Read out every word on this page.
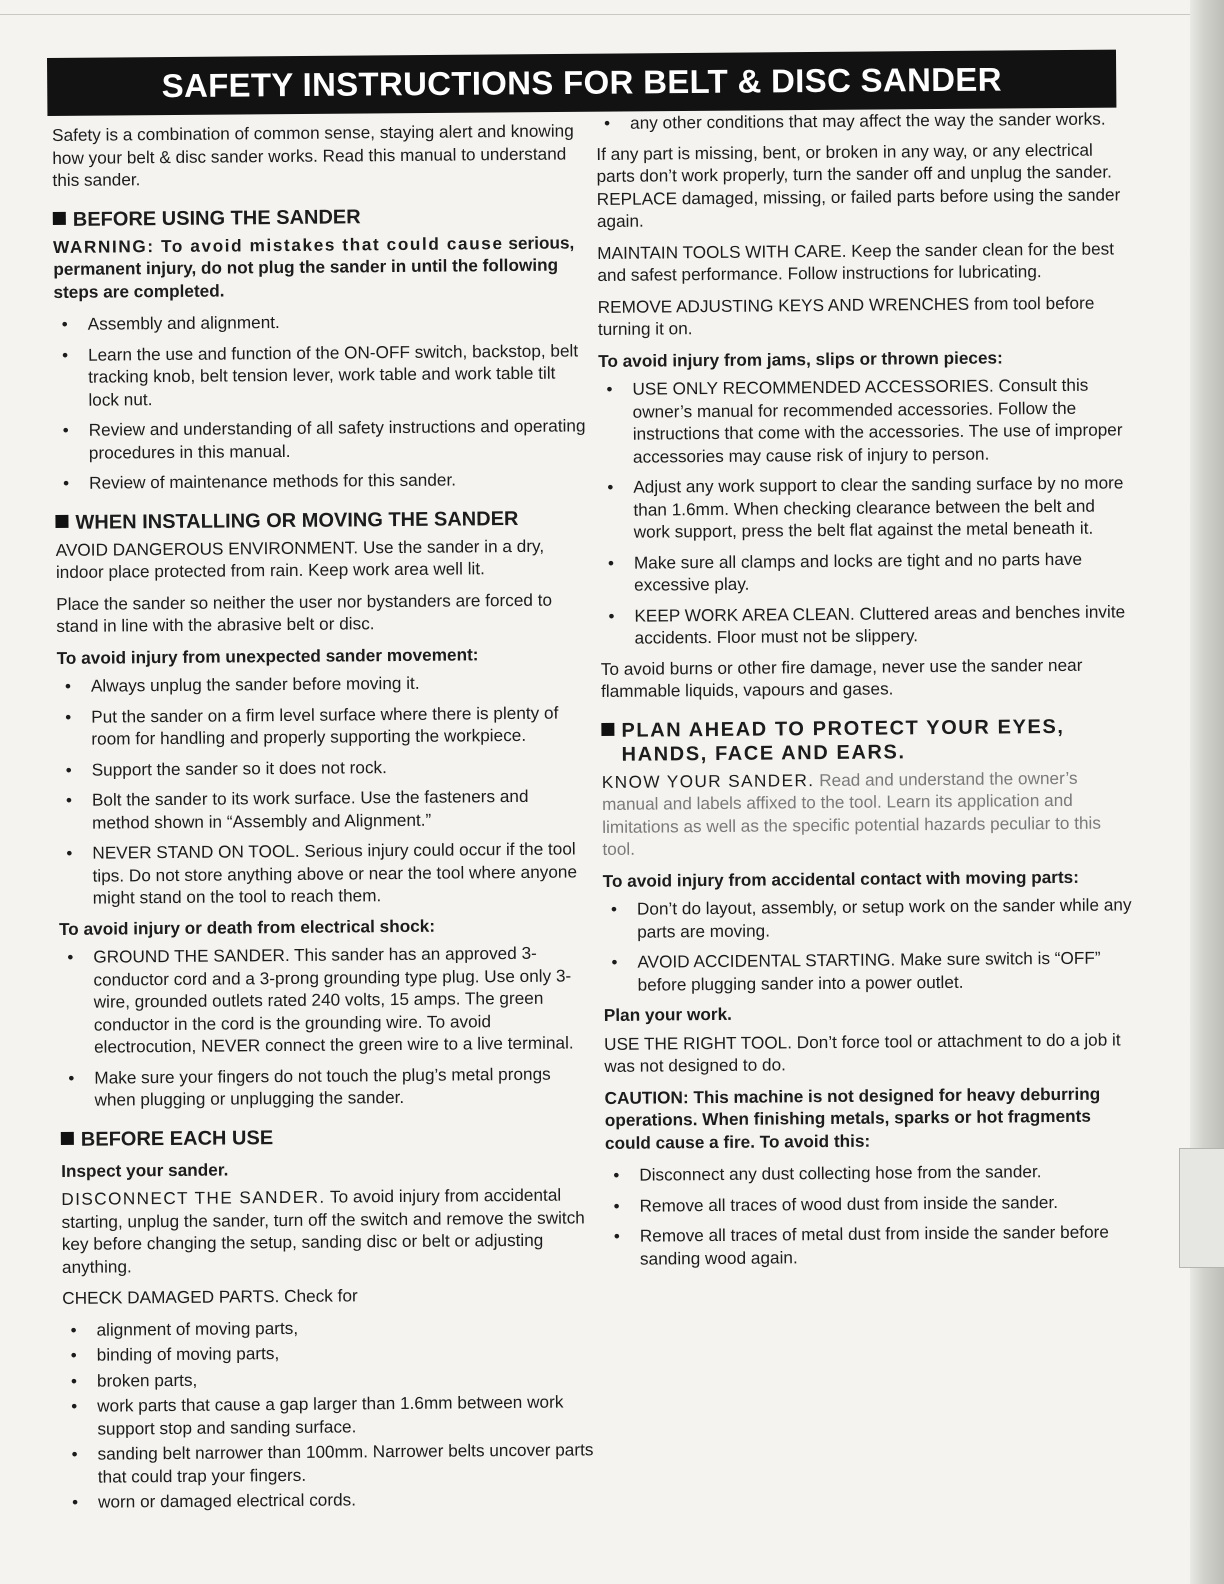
SAFETY INSTRUCTIONS FOR BELT & DISC SANDER

Safety is a combination of common sense, staying alert and knowing how your belt & disc sander works. Read this manual to understand this sander.

BEFORE USING THE SANDER
WARNING: To avoid mistakes that could cause serious, permanent injury, do not plug the sander in until the following steps are completed.
• Assembly and alignment.
• Learn the use and function of the ON-OFF switch, backstop, belt tracking knob, belt tension lever, work table and work table tilt lock nut.
• Review and understanding of all safety instructions and operating procedures in this manual.
• Review of maintenance methods for this sander.
WHEN INSTALLING OR MOVING THE SANDER

AVOID DANGEROUS ENVIRONMENT. Use the sander in a dry, indoor place protected from rain. Keep work area well lit.

Place the sander so neither the user nor bystanders are forced to stand in line with the abrasive belt or disc.

To avoid injury from unexpected sander movement:
• Always unplug the sander before moving it.
• Put the sander on a firm level surface where there is plenty of room for handling and properly supporting the workpiece.
• Support the sander so it does not rock.
• Bolt the sander to its work surface. Use the fasteners and method shown in “Assembly and Alignment.”
• NEVER STAND ON TOOL. Serious injury could occur if the tool tips. Do not store anything above or near the tool where anyone might stand on the tool to reach them.
To avoid injury or death from electrical shock:
• GROUND THE SANDER. This sander has an approved 3-conductor cord and a 3-prong grounding type plug. Use only 3-wire, grounded outlets rated 240 volts, 15 amps. The green conductor in the cord is the grounding wire. To avoid electrocution, NEVER connect the green wire to a live terminal.
• Make sure your fingers do not touch the plug’s metal prongs when plugging or unplugging the sander.
BEFORE EACH USE
Inspect your sander.

DISCONNECT THE SANDER. To avoid injury from accidental starting, unplug the sander, turn off the switch and remove the switch key before changing the setup, sanding disc or belt or adjusting anything.

CHECK DAMAGED PARTS. Check for

• alignment of moving parts,
• binding of moving parts,
• broken parts,
• work parts that cause a gap larger than 1.6mm between work support stop and sanding surface.
• sanding belt narrower than 100mm. Narrower belts uncover parts that could trap your fingers.
• worn or damaged electrical cords.
• any other conditions that may affect the way the sander works.

If any part is missing, bent, or broken in any way, or any electrical parts don’t work properly, turn the sander off and unplug the sander. REPLACE damaged, missing, or failed parts before using the sander again.

MAINTAIN TOOLS WITH CARE. Keep the sander clean for the best and safest performance. Follow instructions for lubricating.

REMOVE ADJUSTING KEYS AND WRENCHES from tool before turning it on.

To avoid injury from jams, slips or thrown pieces:
• USE ONLY RECOMMENDED ACCESSORIES. Consult this owner’s manual for recommended accessories. Follow the instructions that come with the accessories. The use of improper accessories may cause risk of injury to person.
• Adjust any work support to clear the sanding surface by no more than 1.6mm. When checking clearance between the belt and work support, press the belt flat against the metal beneath it.
• Make sure all clamps and locks are tight and no parts have excessive play.
• KEEP WORK AREA CLEAN. Cluttered areas and benches invite accidents. Floor must not be slippery.

To avoid burns or other fire damage, never use the sander near flammable liquids, vapours and gases.

PLAN AHEAD TO PROTECT YOUR EYES,
HANDS, FACE AND EARS.

KNOW YOUR SANDER. Read and understand the owner’s manual and labels affixed to the tool. Learn its application and limitations as well as the specific potential hazards peculiar to this tool.

To avoid injury from accidental contact with moving parts:
• Don’t do layout, assembly, or setup work on the sander while any parts are moving.
• AVOID ACCIDENTAL STARTING. Make sure switch is “OFF” before plugging sander into a power outlet.
Plan your work.

USE THE RIGHT TOOL. Don’t force tool or attachment to do a job it was not designed to do.

CAUTION: This machine is not designed for heavy deburring operations. When finishing metals, sparks or hot fragments could cause a fire. To avoid this:
• Disconnect any dust collecting hose from the sander.
• Remove all traces of wood dust from inside the sander.
• Remove all traces of metal dust from inside the sander before sanding wood again.
